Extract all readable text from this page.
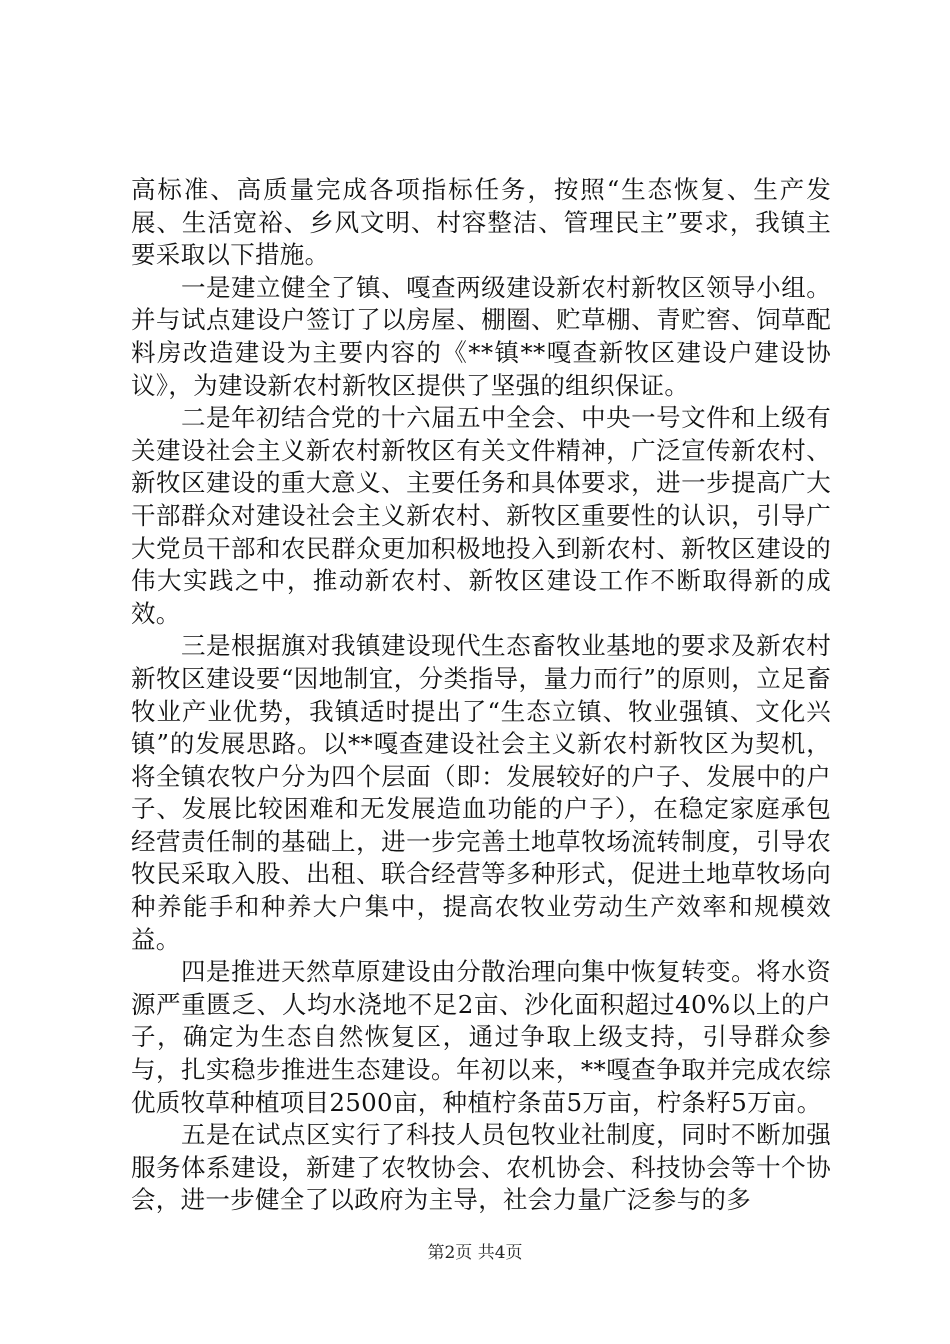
高标准、高质量完成各项指标任务，按照“生态恢复、生产发展、生活宽裕、乡风文明、村容整洁、管理民主”要求，我镇主要采取以下措施。

一是建立健全了镇、嘎查两级建设新农村新牧区领导小组。并与试点建设户签订了以房屋、棚圈、贮草棚、青贮窖、饲草配料房改造建设为主要内容的《**镇**嘎查新牧区建设户建设协议》，为建设新农村新牧区提供了坚强的组织保证。

二是年初结合党的十六届五中全会、中央一号文件和上级有关建设社会主义新农村新牧区有关文件精神，广泛宣传新农村、新牧区建设的重大意义、主要任务和具体要求，进一步提高广大干部群众对建设社会主义新农村、新牧区重要性的认识，引导广大党员干部和农民群众更加积极地投入到新农村、新牧区建设的伟大实践之中，推动新农村、新牧区建设工作不断取得新的成效。

三是根据旗对我镇建设现代生态畜牧业基地的要求及新农村新牧区建设要“因地制宜，分类指导，量力而行”的原则，立足畜牧业产业优势，我镇适时提出了“生态立镇、牧业强镇、文化兴镇”的发展思路。以**嘎查建设社会主义新农村新牧区为契机，将全镇农牧户分为四个层面（即：发展较好的户子、发展中的户子、发展比较困难和无发展造血功能的户子），在稳定家庭承包经营责任制的基础上，进一步完善土地草牧场流转制度，引导农牧民采取入股、出租、联合经营等多种形式，促进土地草牧场向种养能手和种养大户集中，提高农牧业劳动生产效率和规模效益。

四是推进天然草原建设由分散治理向集中恢复转变。将水资源严重匮乏、人均水浇地不足2亩、沙化面积超过40%以上的户子，确定为生态自然恢复区，通过争取上级支持，引导群众参与，扎实稳步推进生态建设。年初以来，**嘎查争取并完成农综优质牧草种植项目2500亩，种植柠条苗5万亩，柠条籽5万亩。

五是在试点区实行了科技人员包牧业社制度，同时不断加强服务体系建设，新建了农牧协会、农机协会、科技协会等十个协会，进一步健全了以政府为主导，社会力量广泛参与的多

第2页 共4页
